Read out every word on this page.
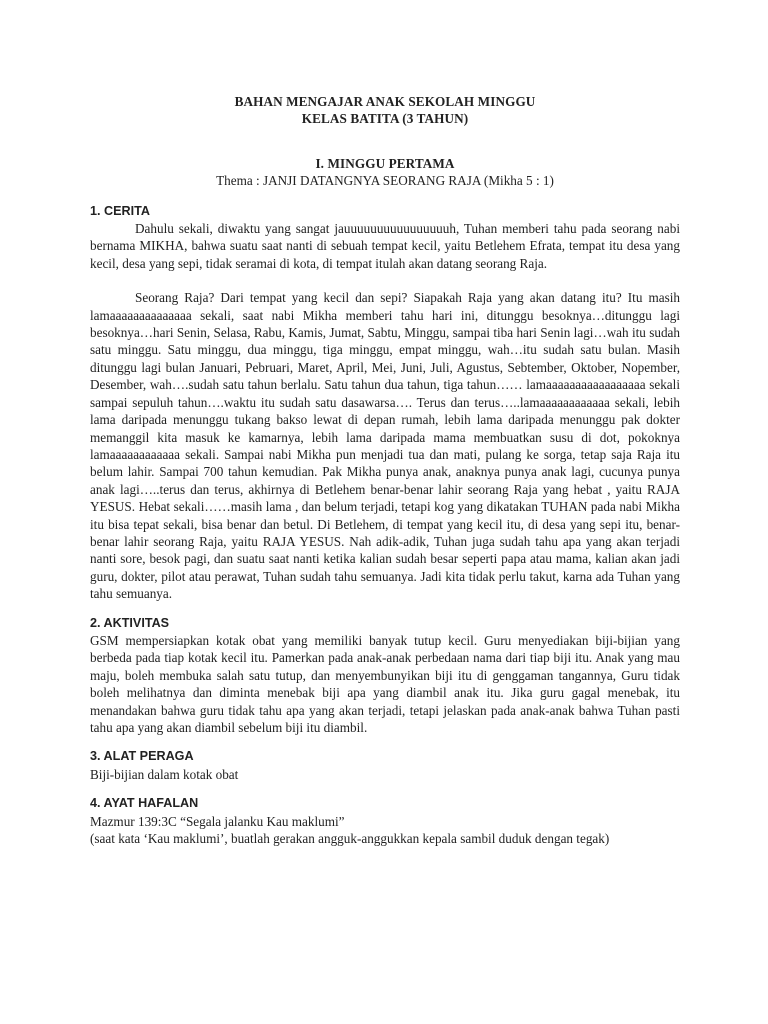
BAHAN MENGAJAR ANAK SEKOLAH MINGGU
KELAS BATITA (3 TAHUN)
I. MINGGU PERTAMA
Thema : JANJI DATANGNYA SEORANG RAJA (Mikha 5 : 1)
1. CERITA

Dahulu sekali, diwaktu yang sangat jauuuuuuuuuuuuuuuuh, Tuhan memberi tahu pada seorang nabi bernama MIKHA, bahwa suatu saat nanti di sebuah tempat kecil, yaitu Betlehem Efrata, tempat itu desa yang kecil, desa yang sepi, tidak seramai di kota, di tempat itulah akan datang seorang Raja.

Seorang Raja? Dari tempat yang kecil dan sepi? Siapakah Raja yang akan datang itu? Itu masih lamaaaaaaaaaaaaaa sekali, saat nabi Mikha memberi tahu hari ini, ditunggu besoknya…ditunggu lagi besoknya…hari Senin, Selasa, Rabu, Kamis, Jumat, Sabtu, Minggu, sampai tiba hari Senin lagi…wah itu sudah satu minggu. Satu minggu, dua minggu, tiga minggu, empat minggu, wah…itu sudah satu bulan. Masih ditunggu lagi bulan Januari, Pebruari, Maret, April, Mei, Juni, Juli, Agustus, Sebtember, Oktober, Nopember, Desember, wah….sudah satu tahun berlalu. Satu tahun dua tahun, tiga tahun…… lamaaaaaaaaaaaaaaaaa sekali sampai sepuluh tahun….waktu itu sudah satu dasawarsa…. Terus dan terus…..lamaaaaaaaaaaaa sekali, lebih lama daripada menunggu tukang bakso lewat di depan rumah, lebih lama daripada menunggu pak dokter memanggil kita masuk ke kamarnya, lebih lama daripada mama membuatkan susu di dot, pokoknya lamaaaaaaaaaaaa sekali. Sampai nabi Mikha pun menjadi tua dan mati, pulang ke sorga, tetap saja Raja itu belum lahir. Sampai 700 tahun kemudian. Pak Mikha punya anak, anaknya punya anak lagi, cucunya punya anak lagi…..terus dan terus, akhirnya di Betlehem benar-benar lahir seorang Raja yang hebat , yaitu RAJA YESUS. Hebat sekali……masih lama , dan belum terjadi, tetapi kog yang dikatakan TUHAN pada nabi Mikha itu bisa tepat sekali, bisa benar dan betul. Di Betlehem, di tempat yang kecil itu, di desa yang sepi itu, benar-benar lahir seorang Raja, yaitu RAJA YESUS. Nah adik-adik, Tuhan juga sudah tahu apa yang akan terjadi nanti sore, besok pagi, dan suatu saat nanti ketika kalian sudah besar seperti papa atau mama, kalian akan jadi guru, dokter, pilot atau perawat, Tuhan sudah tahu semuanya. Jadi kita tidak perlu takut, karna ada Tuhan yang tahu semuanya.

2. AKTIVITAS

GSM mempersiapkan kotak obat yang memiliki banyak tutup kecil. Guru menyediakan biji-bijian yang berbeda pada tiap kotak kecil itu. Pamerkan pada anak-anak perbedaan nama dari tiap biji itu. Anak yang mau maju, boleh membuka salah satu tutup, dan menyembunyikan biji itu di genggaman tangannya, Guru tidak boleh melihatnya dan diminta menebak biji apa yang diambil anak itu. Jika guru gagal menebak, itu menandakan bahwa guru tidak tahu apa yang akan terjadi, tetapi jelaskan pada anak-anak bahwa Tuhan pasti tahu apa yang akan diambil sebelum biji itu diambil.

3. ALAT PERAGA

Biji-bijian dalam kotak obat

4. AYAT HAFALAN

Mazmur 139:3C “Segala jalanku Kau maklumi”

(saat kata ‘Kau maklumi’, buatlah gerakan angguk-anggukkan kepala sambil duduk dengan tegak)
